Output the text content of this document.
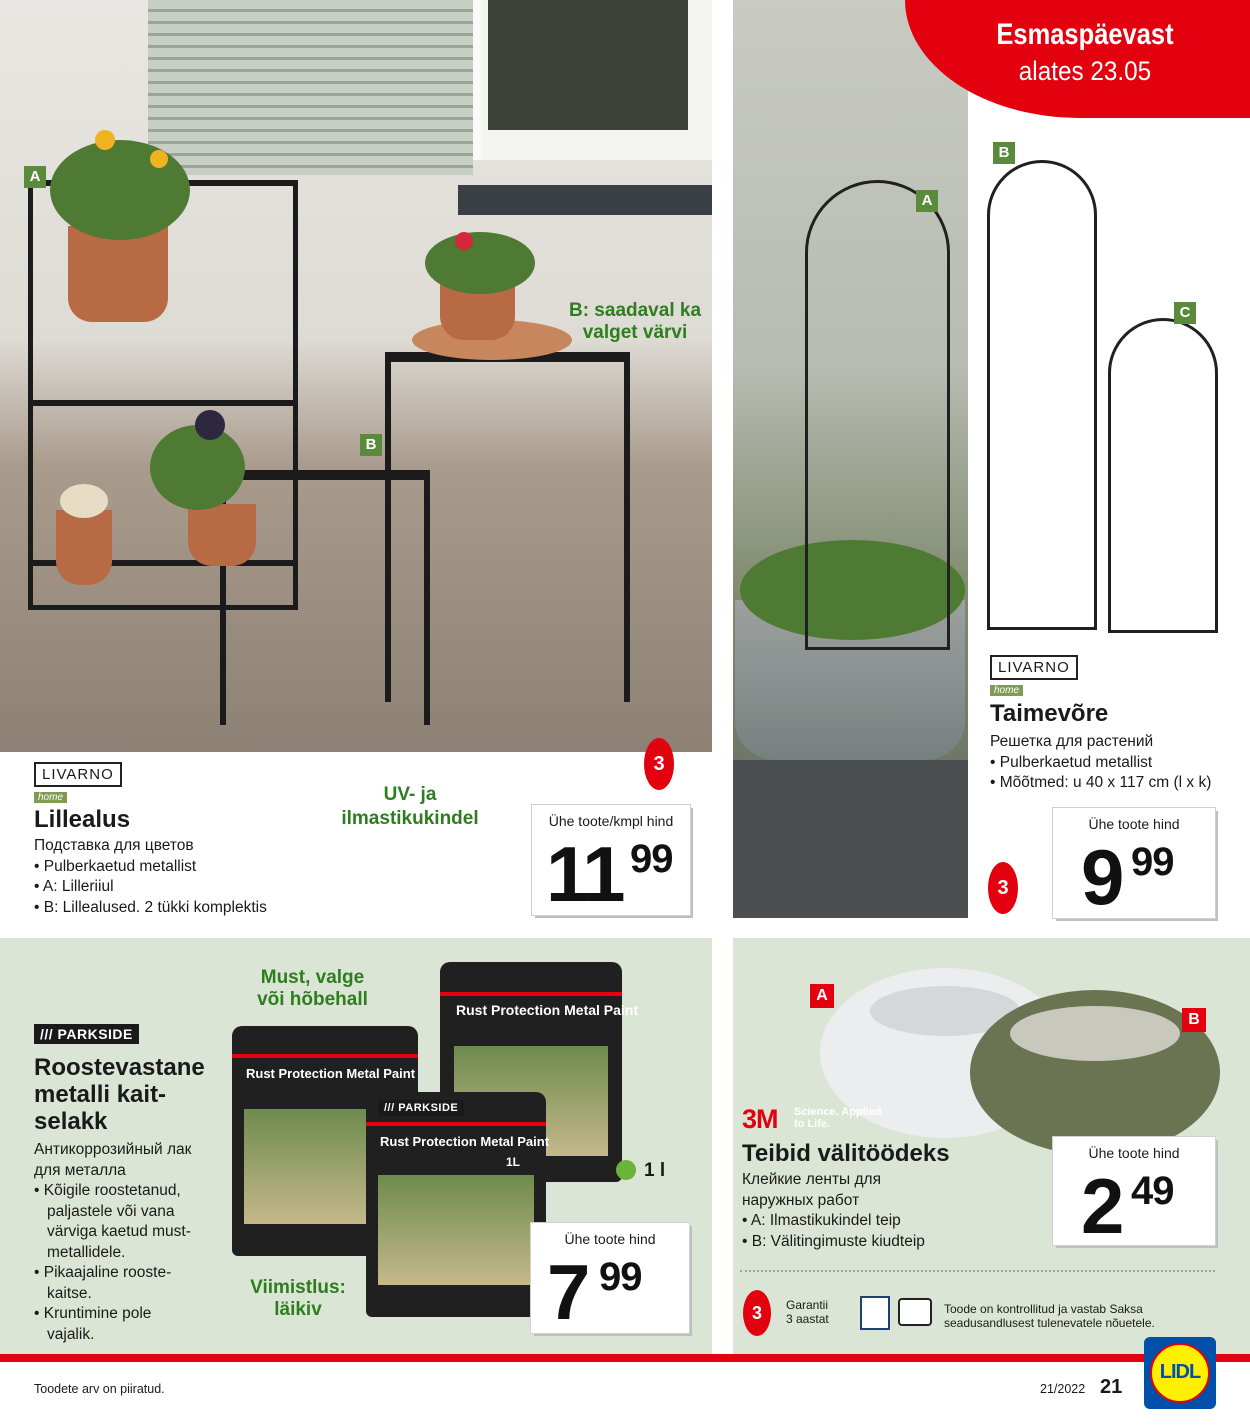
A
B
B: saadaval ka valget värvi
A
B
C
Esmaspäevast
alates 23.05
LIVARNO
home
Lillealus
Подставка для цветов
• Pulberkaetud metallist
• A: Lilleriiul
• B: Lillealused. 2 tükki komplektis
UV- ja ilmastikukindel
3
Ühe toote/kmpl hind
11 99
LIVARNO
home
Taimevõre
Решетка для растений
• Pulberkaetud metallist
• Mõõtmed: u 40 x 117 cm (l x k)
3
Ühe toote hind
9 99
/// PARKSIDE
Roostevastane
metalli kait-
selakk
Антикоррозийный лак
для металла
• Kõigile roostetanud,
paljastele või vana
värviga kaetud must-
metallidele.
• Pikaajaline rooste-
kaitse.
• Kruntimine pole
vajalik.
Must, valge või hõbehall	Rust Protection Metal Paint
Rust Protection Metal Paint
/// PARKSIDE
Rust Protection Metal Paint
1L	1 l
Viimistlus: läikiv
Ühe toote hind
7 99
A
B
3M Science. Applied to Life.
Teibid välitöödeks
Клейкие ленты для
наружных работ
• A: Ilmastikukindel teip
• B: Välitingimuste kiudteip
Ühe toote hind
2 49
3	Garantii
3 aastat
Toode on kontrollitud ja vastab Saksa
seadusandlusest tulenevatele nõuetele.
Toodete arv on piiratud.	21/2022 21
LIDL
